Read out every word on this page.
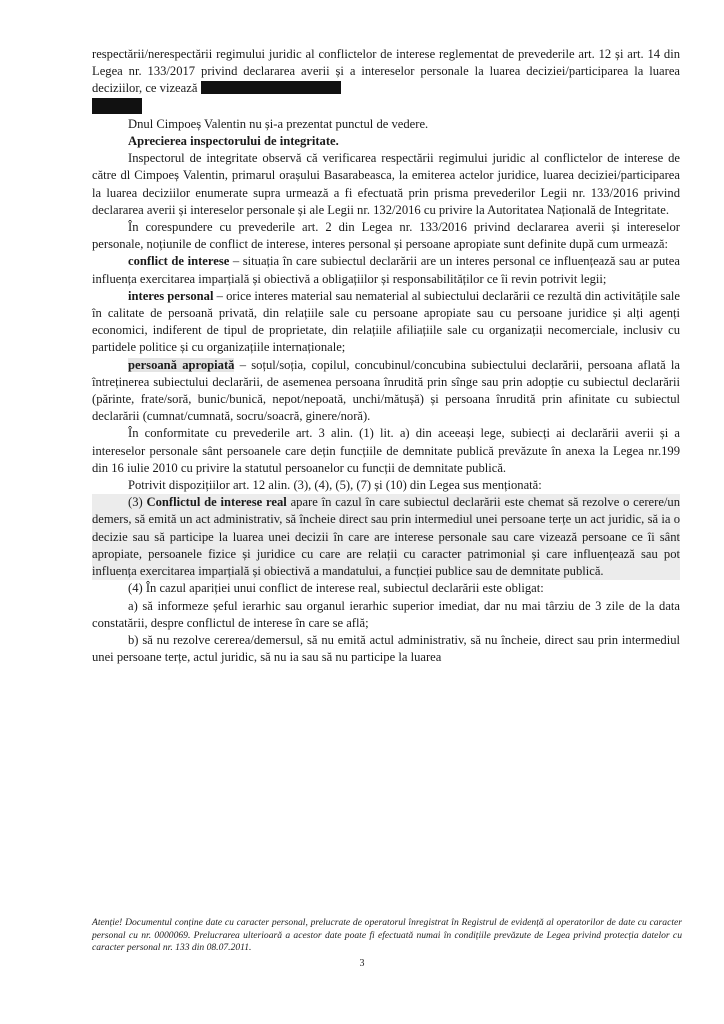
respectării/nerespectării regimului juridic al conflictelor de interese reglementat de prevederile art. 12 și art. 14 din Legea nr. 133/2017 privind declararea averii și a intereselor personale la luarea deciziei/participarea la luarea deciziilor, ce vizează

Dnul Cimpoeș Valentin nu și-a prezentat punctul de vedere.

Aprecierea inspectorului de integritate.

Inspectorul de integritate observă că verificarea respectării regimului juridic al conflictelor de interese de către dl Cimpoeș Valentin, primarul orașului Basarabeasca, la emiterea actelor juridice, luarea deciziei/participarea la luarea deciziilor enumerate supra urmează a fi efectuată prin prisma prevederilor Legii nr. 133/2016 privind declararea averii și intereselor personale și ale Legii nr. 132/2016 cu privire la Autoritatea Națională de Integritate.

În corespundere cu prevederile art. 2 din Legea nr. 133/2016 privind declararea averii și intereselor personale, noțiunile de conflict de interese, interes personal și persoane apropiate sunt definite după cum urmează:

conflict de interese – situația în care subiectul declarării are un interes personal ce influențează sau ar putea influența exercitarea imparțială și obiectivă a obligațiilor și responsabilităților ce îi revin potrivit legii;

interes personal – orice interes material sau nematerial al subiectului declarării ce rezultă din activitățile sale în calitate de persoană privată, din relațiile sale cu persoane apropiate sau cu persoane juridice și alți agenți economici, indiferent de tipul de proprietate, din relațiile afiliațiile sale cu organizații necomerciale, inclusiv cu partidele politice și cu organizațiile internaționale;

persoană apropiată – soțul/soția, copilul, concubinul/concubina subiectului declarării, persoana aflată la întreținerea subiectului declarării, de asemenea persoana înrudită prin sînge sau prin adopție cu subiectul declarării (părinte, frate/soră, bunic/bunică, nepot/nepoată, unchi/mătușă) și persoana înrudită prin afinitate cu subiectul declarării (cumnat/cumnată, socru/soacră, ginere/noră).

În conformitate cu prevederile art. 3 alin. (1) lit. a) din aceeași lege, subiecți ai declarării averii și a intereselor personale sânt persoanele care dețin funcțiile de demnitate publică prevăzute în anexa la Legea nr.199 din 16 iulie 2010 cu privire la statutul persoanelor cu funcții de demnitate publică.

Potrivit dispozițiilor art. 12 alin. (3), (4), (5), (7) și (10) din Legea sus menționată:

(3) Conflictul de interese real apare în cazul în care subiectul declarării este chemat să rezolve o cerere/un demers, să emită un act administrativ, să încheie direct sau prin intermediul unei persoane terțe un act juridic, să ia o decizie sau să participe la luarea unei decizii în care are interese personale sau care vizează persoane ce îi sânt apropiate, persoanele fizice și juridice cu care are relații cu caracter patrimonial și care influențează sau pot influența exercitarea imparțială și obiectivă a mandatului, a funcției publice sau de demnitate publică.

(4) În cazul apariției unui conflict de interese real, subiectul declarării este obligat:

a) să informeze șeful ierarhic sau organul ierarhic superior imediat, dar nu mai târziu de 3 zile de la data constatării, despre conflictul de interese în care se află;

b) să nu rezolve cererea/demersul, să nu emită actul administrativ, să nu încheie, direct sau prin intermediul unei persoane terțe, actul juridic, să nu ia sau să nu participe la luarea

Atenție! Documentul conține date cu caracter personal, prelucrate de operatorul înregistrat în Registrul de evidență al operatorilor de date cu caracter personal cu nr. 0000069. Prelucrarea ulterioară a acestor date poate fi efectuată numai în condițiile prevăzute de Legea privind protecția datelor cu caracter personal nr. 133 din 08.07.2011.
3
